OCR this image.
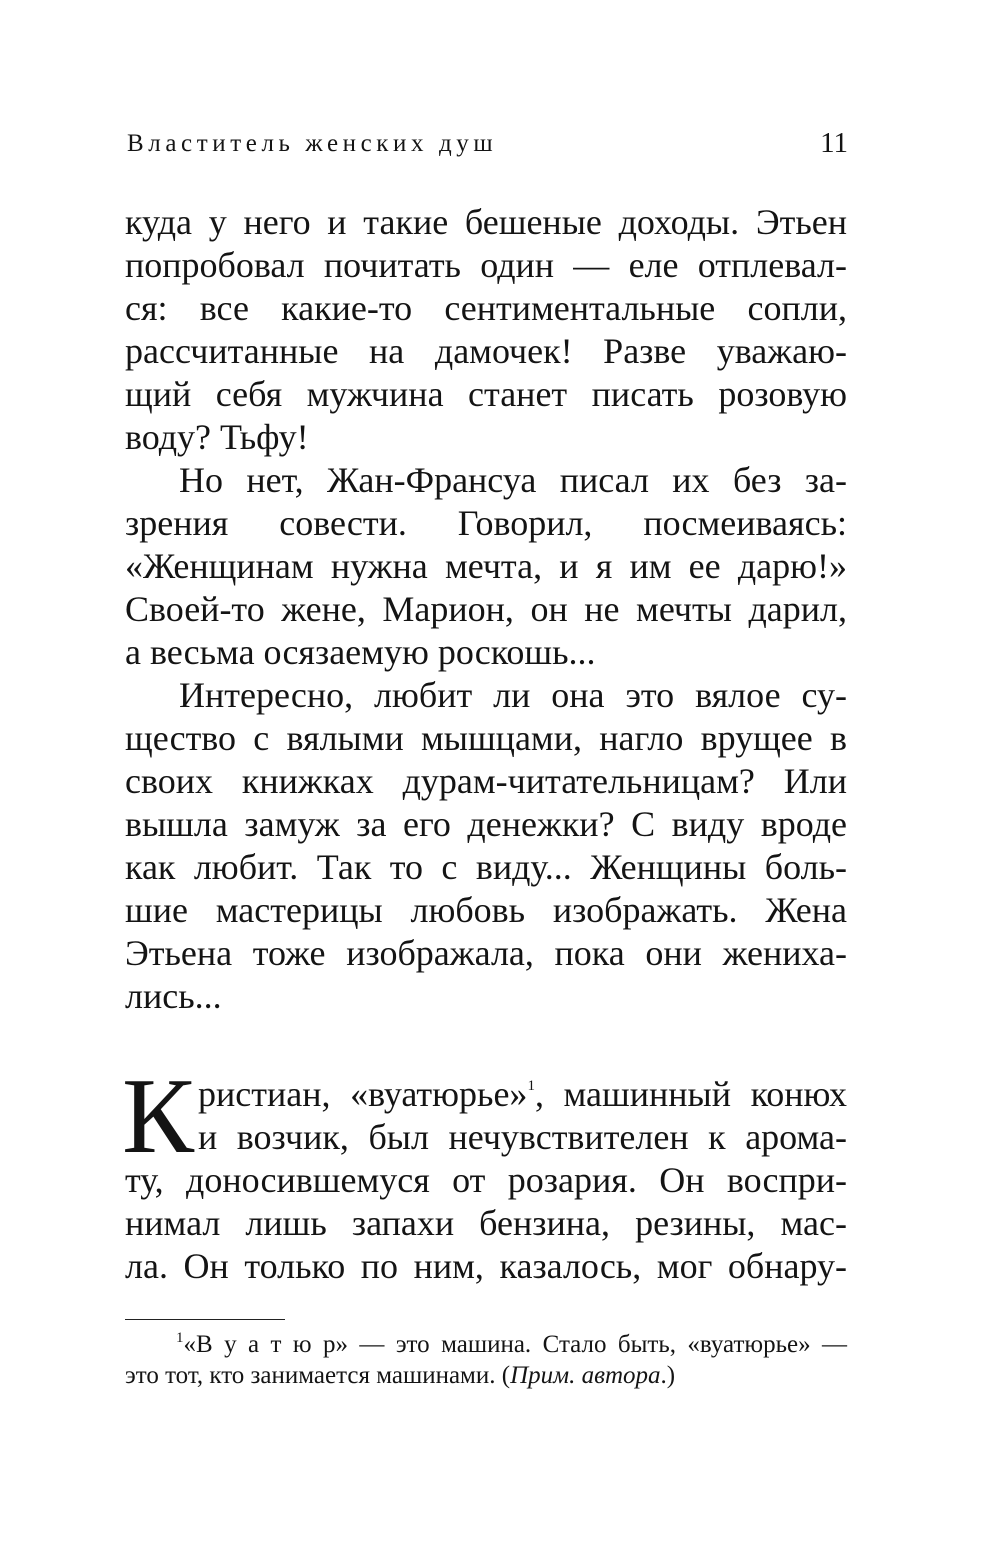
Властитель женских душ	11
куда у него и такие бешеные доходы. Этьен
попробовал почитать один — еле отплевал-
ся: все какие-то сентиментальные сопли,
рассчитанные на дамочек! Разве уважаю-
щий себя мужчина станет писать розовую
воду? Тьфу!
Но нет, Жан-Франсуа писал их без за-
зрения совести. Говорил, посмеиваясь:
«Женщинам нужна мечта, и я им ее дарю!»
Своей-то жене, Марион, он не мечты дарил,
а весьма осязаемую роскошь...
Интересно, любит ли она это вялое су-
щество с вялыми мышцами, нагло врущее в
своих книжках дурам-читательницам? Или
вышла замуж за его денежки? С виду вроде
как любит. Так то с виду... Женщины боль-
шие мастерицы любовь изображать. Жена
Этьена тоже изображала, пока они жениха-
лись...
К ристиан, «вуатюрье»$^1$, машинный конюх
и возчик, был нечувствителен к арома-
ту, доносившемуся от розария. Он воспри-
нимал лишь запахи бензина, резины, мас-
ла. Он только по ним, казалось, мог обнару-
$^1$«В у а т ю р» — это машина. Стало быть, «вуатюрье» —
это тот, кто занимается машинами. (Прим. автора.)
